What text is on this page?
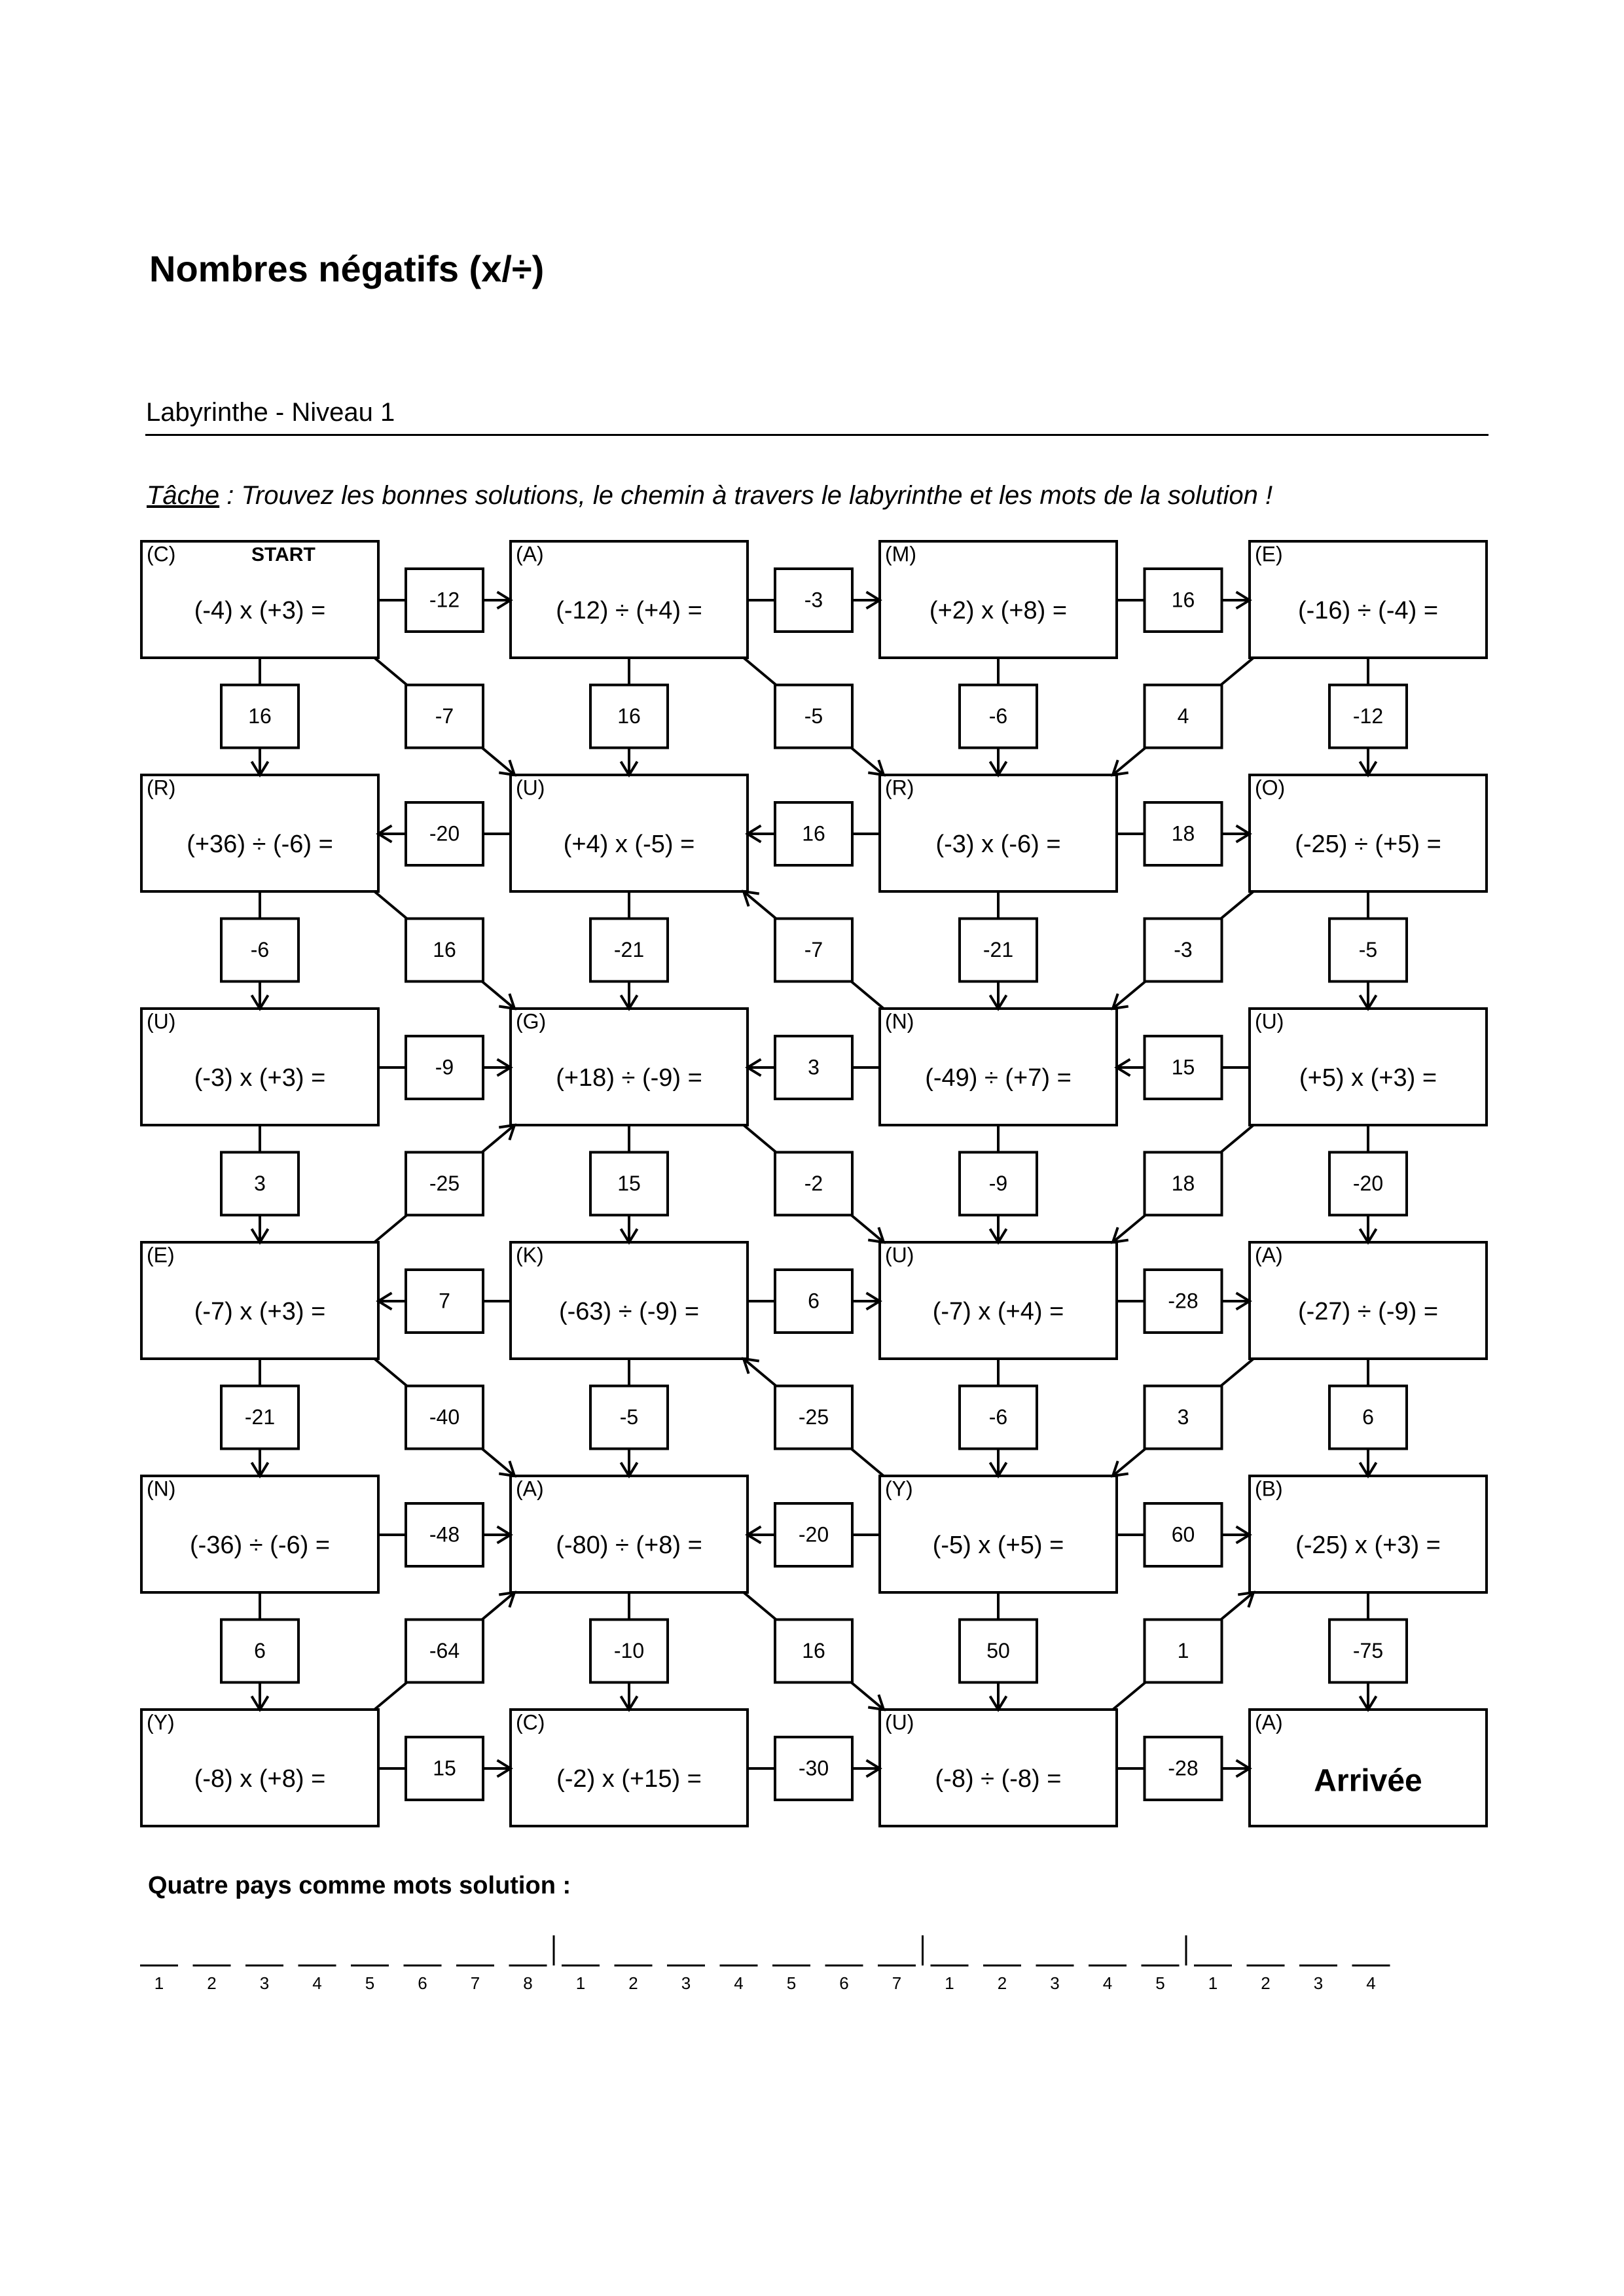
Nombres négatifs (x/÷)
Labyrinthe - Niveau 1
Tâche : Trouvez les bonnes solutions, le chemin à travers le labyrinthe et les mots de la solution !
(C)	START
(-4) x (+3) =
(A)
(-12) ÷ (+4) =
(M)
(+2) x (+8) =
(E)
(-16) ÷ (-4) =
(R)
(+36) ÷ (-6) =
(U)
(+4) x (-5) =
(R)
(-3) x (-6) =
(O)
(-25) ÷ (+5) =
(U)
(-3) x (+3) =
(G)
(+18) ÷ (-9) =
(N)
(-49) ÷ (+7) =
(U)
(+5) x (+3) =
(E)
(-7) x (+3) =
(K)
(-63) ÷ (-9) =
(U)
(-7) x (+4) =
(A)
(-27) ÷ (-9) =
(N)
(-36) ÷ (-6) =
(A)
(-80) ÷ (+8) =
(Y)
(-5) x (+5) =
(B)
(-25) x (+3) =
(Y)
(-8) x (+8) =
(C)
(-2) x (+15) =
(U)
(-8) ÷ (-8) =
(A)
Arrivée
-12	-3	16
-20	16	18
-9	3	15
7	6	-28
-48	-20	60
15	-30	-28
16	16	-6	-12
-6	-21	-21	-5
3	15	-9	-20
-21	-5	-6	6
6	-10	50	-75
-7	-5	4
16	-7	-3
-25	-2	18
-40	-25	3
-64	16	1
Quatre pays comme mots solution :
1	2	3	4	5	6	7	8	1	2	3	4	5	6	7	1	2	3	4	5	1	2	3	4
